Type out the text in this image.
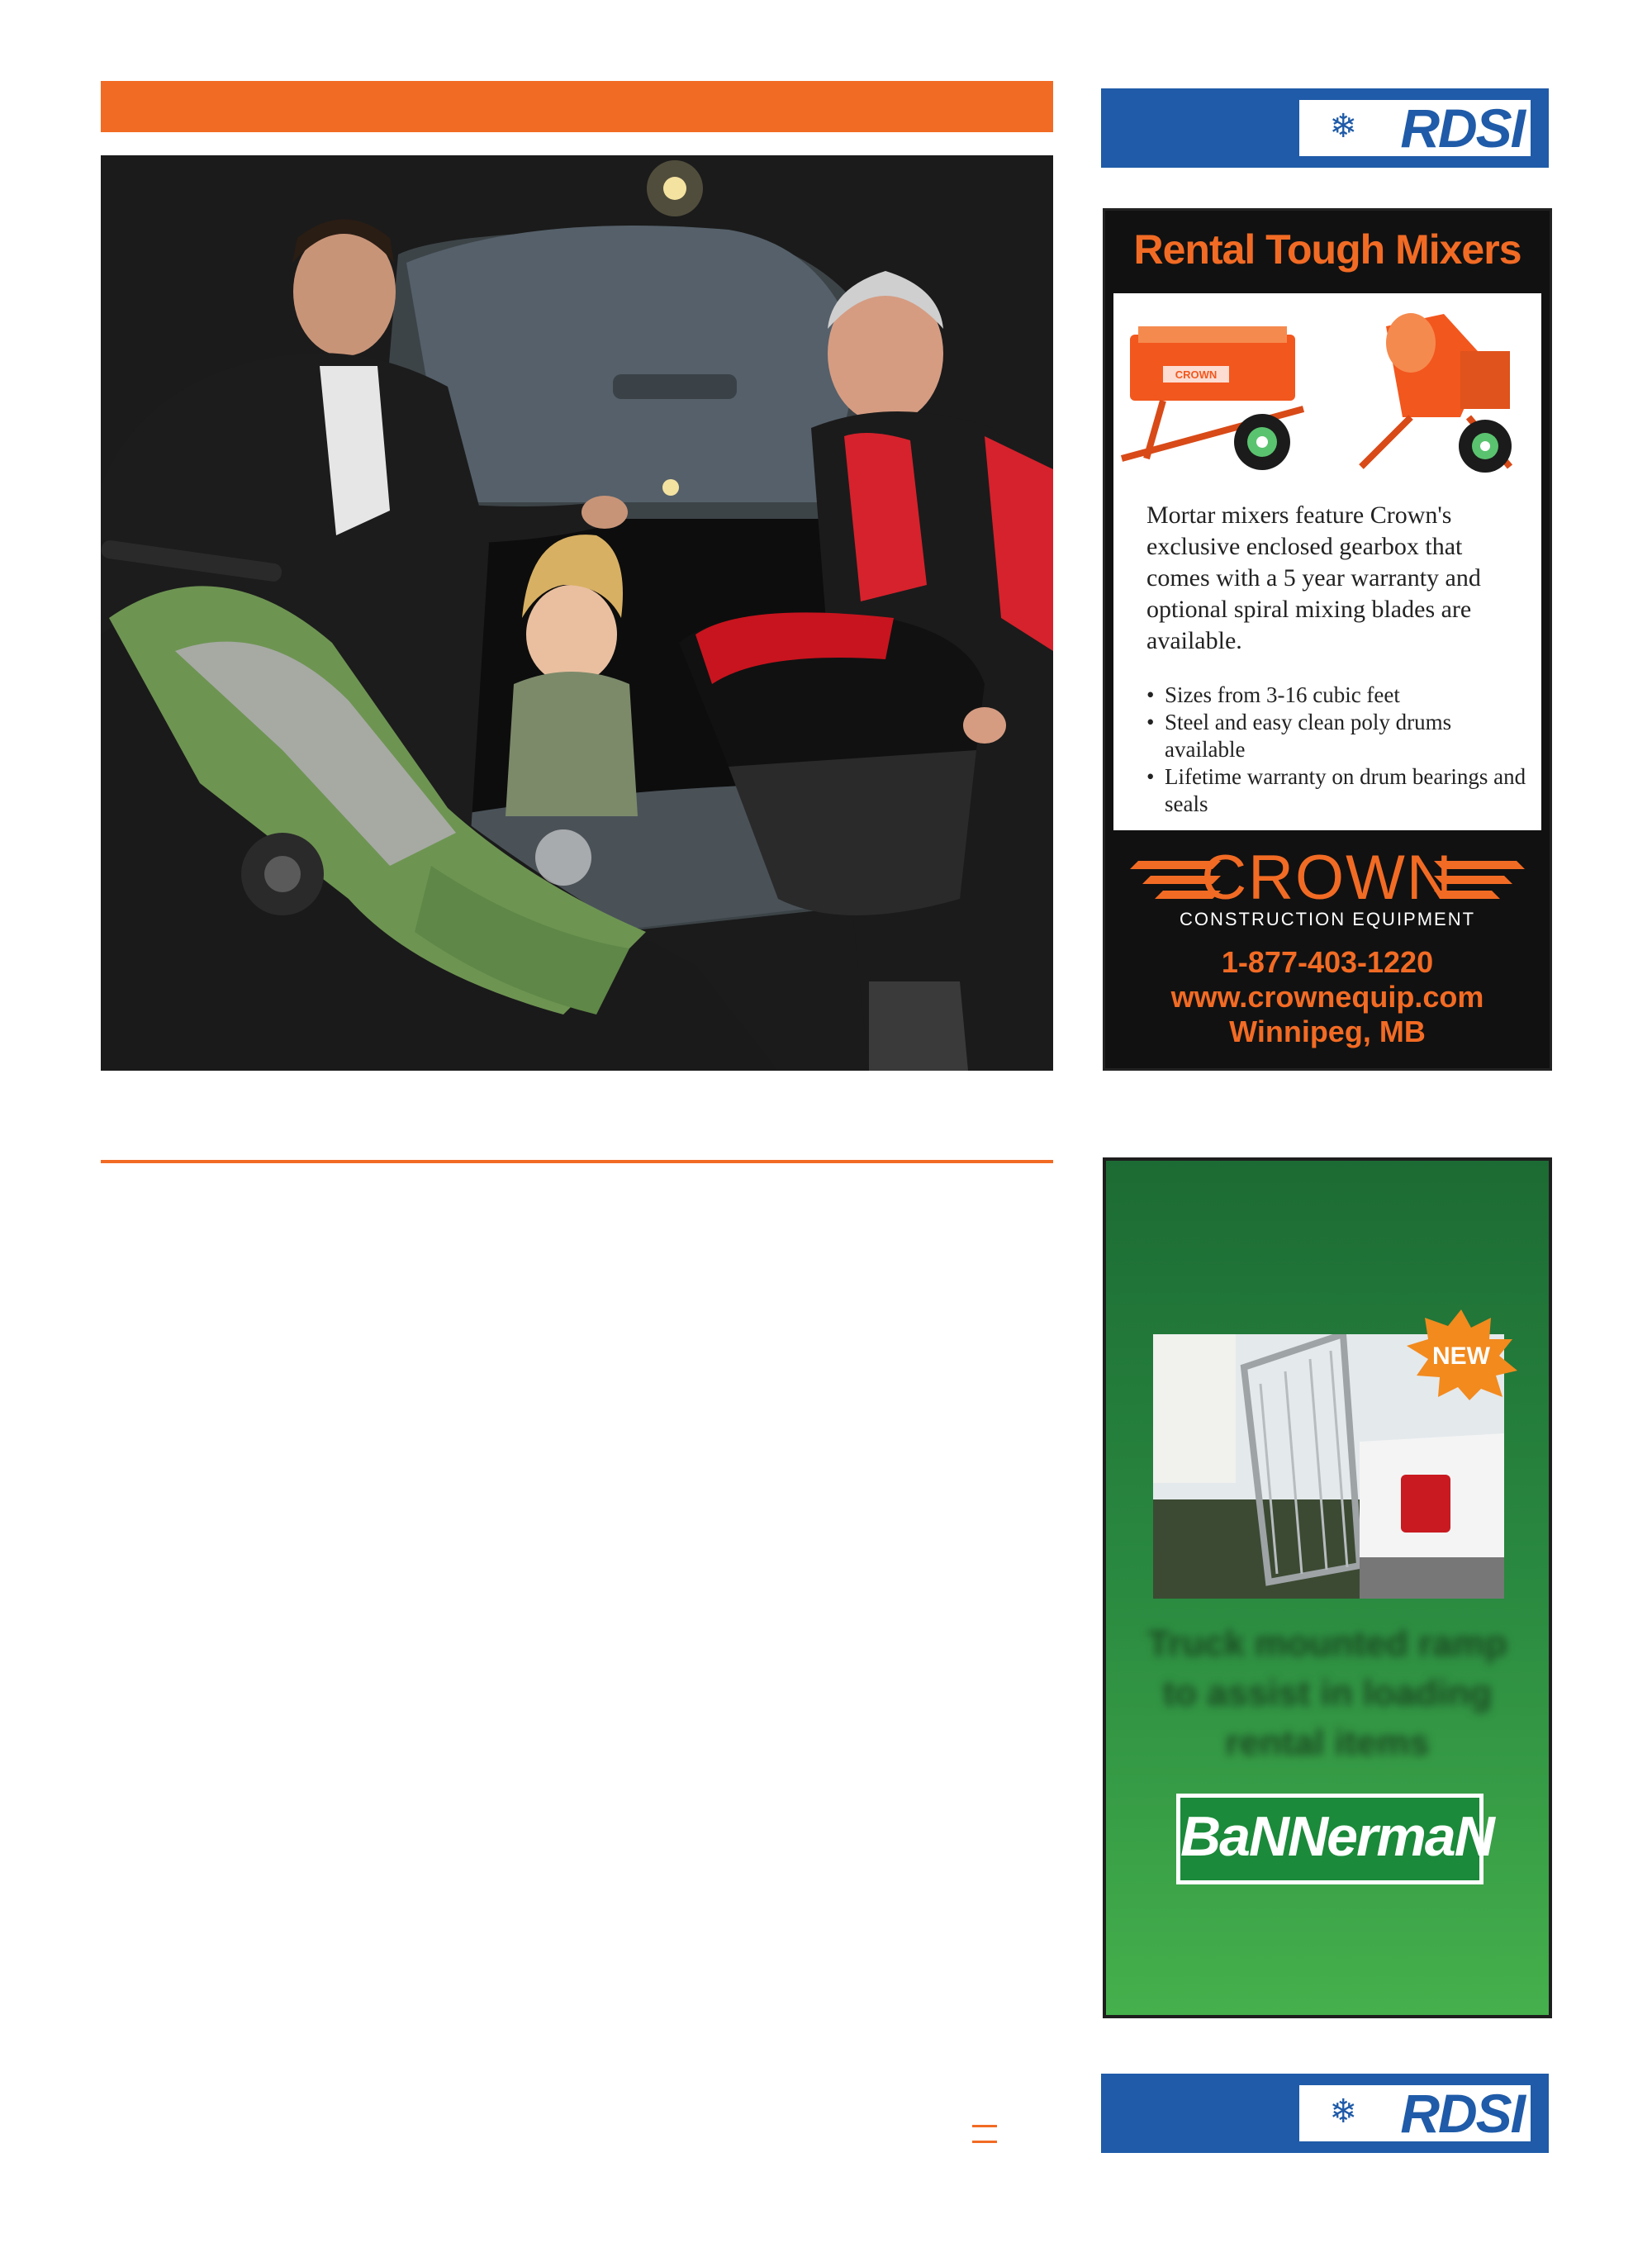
❄ RDSI
Rental Tough Mixers
CROWN
Mortar mixers feature Crown's exclusive enclosed gearbox that comes with a 5 year warranty and optional spiral mixing blades are available.
• Sizes from 3-16 cubic feet
• Steel and easy clean poly drums available
• Lifetime warranty on drum bearings and seals
CROWN
CONSTRUCTION EQUIPMENT
1-877-403-1220
www.crownequip.com
Winnipeg, MB
NEW
Truck mounted ramp
to assist in loading
rental items
BaNNermaN
❄ RDSI
